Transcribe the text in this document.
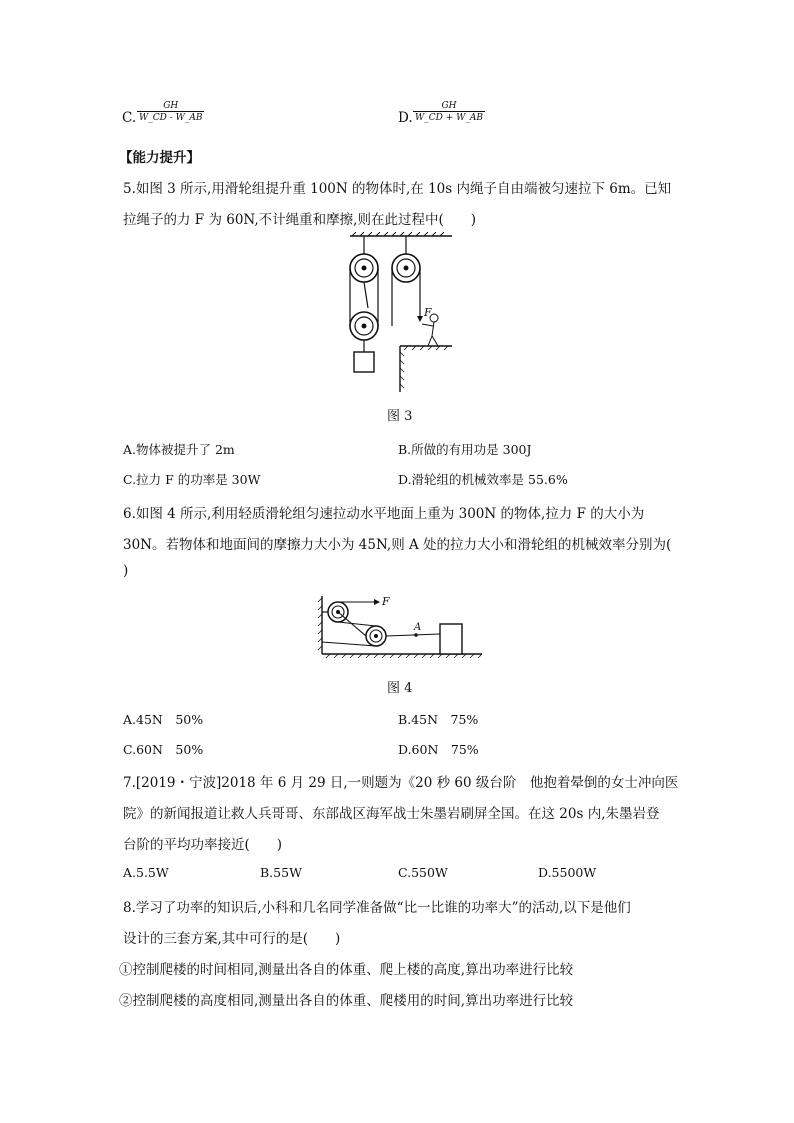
C. $\frac{GH}{W\_CD - W\_AB}$	D. $\frac{GH}{W\_CD + W\_AB}$
【能力提升】
5.如图 3 所示,用滑轮组提升重 100N 的物体时,在 10s 内绳子自由端被匀速拉下 6m。已知
拉绳子的力 F 为 60N,不计绳重和摩擦,则在此过程中(　　)
F
图 3
A.物体被提升了 2m	B.所做的有用功是 300J
C.拉力 F 的功率是 30W	D.滑轮组的机械效率是 55.6%
6.如图 4 所示,利用轻质滑轮组匀速拉动水平地面上重为 300N 的物体,拉力 F 的大小为
30N。若物体和地面间的摩擦力大小为 45N,则 A 处的拉力大小和滑轮组的机械效率分别为(
)
F
A
图 4
A.45N　50%	B.45N　75%
C.60N　50%	D.60N　75%
7.[2019・宁波]2018 年 6 月 29 日,一则题为《20 秒 60 级台阶　他抱着晕倒的女士冲向医
院》的新闻报道让救人兵哥哥、东部战区海军战士朱墨岩刷屏全国。在这 20s 内,朱墨岩登
台阶的平均功率接近(　　)
A.5.5W	B.55W	C.550W	D.5500W
8.学习了功率的知识后,小科和几名同学准备做“比一比谁的功率大”的活动,以下是他们
设计的三套方案,其中可行的是(　　)
①控制爬楼的时间相同,测量出各自的体重、爬上楼的高度,算出功率进行比较
②控制爬楼的高度相同,测量出各自的体重、爬楼用的时间,算出功率进行比较
